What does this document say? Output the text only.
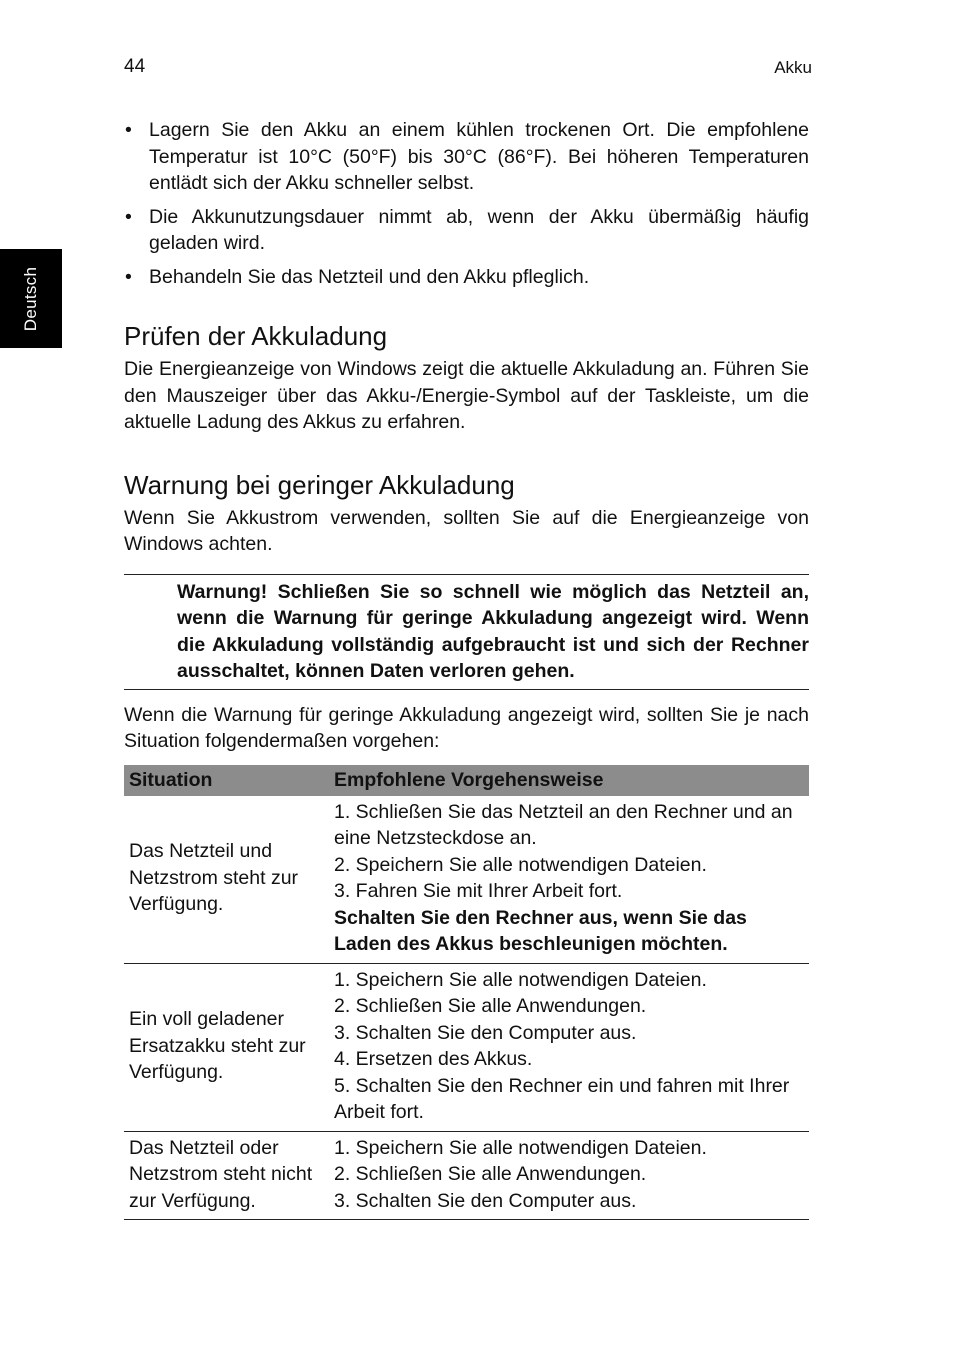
44	Akku
Deutsch
• Lagern Sie den Akku an einem kühlen trockenen Ort. Die empfohlene Temperatur ist 10°C (50°F) bis 30°C (86°F). Bei höheren Temperaturen entlädt sich der Akku schneller selbst.
• Die Akkunutzungsdauer nimmt ab, wenn der Akku übermäßig häufig geladen wird.
• Behandeln Sie das Netzteil und den Akku pfleglich.
Prüfen der Akkuladung

Die Energieanzeige von Windows zeigt die aktuelle Akkuladung an. Führen Sie den Mauszeiger über das Akku-/Energie-Symbol auf der Taskleiste, um die aktuelle Ladung des Akkus zu erfahren.

Warnung bei geringer Akkuladung

Wenn Sie Akkustrom verwenden, sollten Sie auf die Energieanzeige von Windows achten.

Warnung! Schließen Sie so schnell wie möglich das Netzteil an, wenn die Warnung für geringe Akkuladung angezeigt wird. Wenn die Akkuladung vollständig aufgebraucht ist und sich der Rechner ausschaltet, können Daten verloren gehen.

Wenn die Warnung für geringe Akkuladung angezeigt wird, sollten Sie je nach Situation folgendermaßen vorgehen:

Situation	Empfohlene Vorgehensweise
Das Netzteil und Netzstrom steht zur Verfügung.	1. Schließen Sie das Netzteil an den Rechner und an eine Netzsteckdose an.
2. Speichern Sie alle notwendigen Dateien.
3. Fahren Sie mit Ihrer Arbeit fort.
Schalten Sie den Rechner aus, wenn Sie das Laden des Akkus beschleunigen möchten.

Ein voll geladener Ersatzakku steht zur Verfügung.	1. Speichern Sie alle notwendigen Dateien.
2. Schließen Sie alle Anwendungen.
3. Schalten Sie den Computer aus.
4. Ersetzen des Akkus.
5. Schalten Sie den Rechner ein und fahren mit Ihrer Arbeit fort.

Das Netzteil oder Netzstrom steht nicht zur Verfügung.	1. Speichern Sie alle notwendigen Dateien.
2. Schließen Sie alle Anwendungen.
3. Schalten Sie den Computer aus.
